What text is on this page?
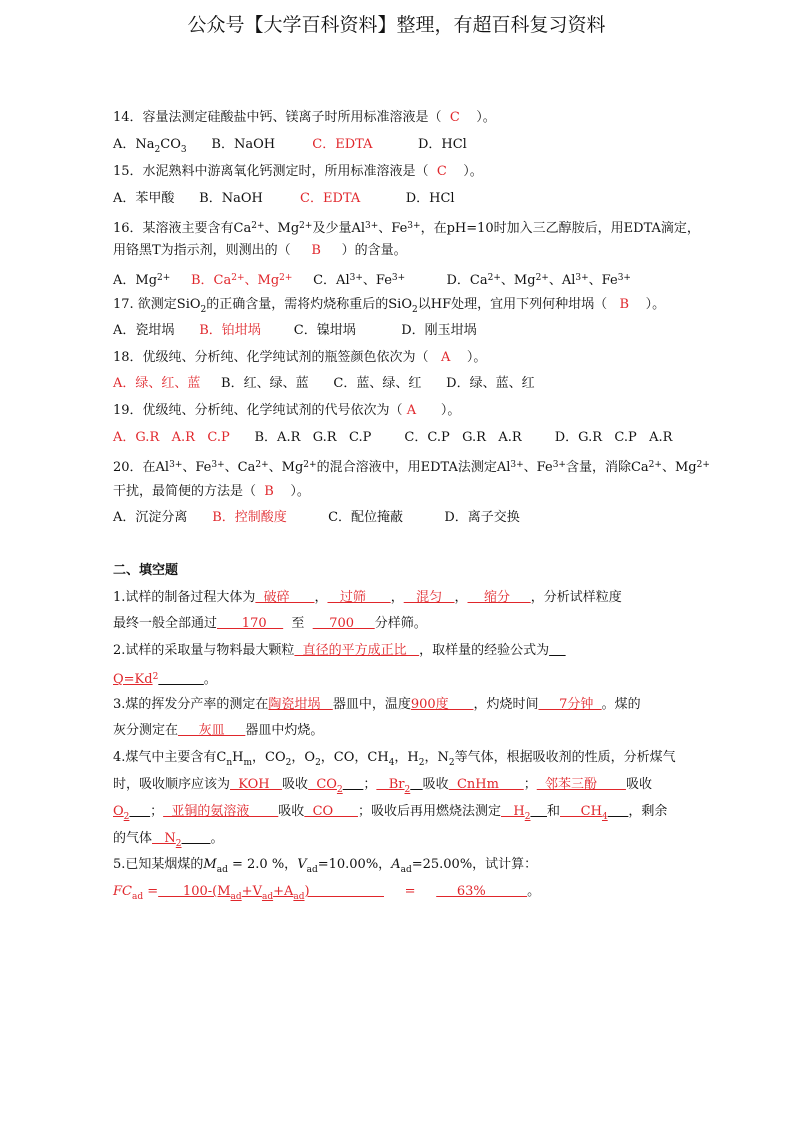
公众号【大学百科资料】整理，有超百科复习资料
14．容量法测定硅酸盐中钙、镁离子时所用标准溶液是（  C    ）。
A．$Na_2CO_3$      B．NaOH         C．EDTA           D．HCl
15．水泥熟料中游离氧化钙测定时，所用标准溶液是（  C    ）。
A．苯甲酸      B．NaOH         C．EDTA           D．HCl
16．某溶液主要含有$Ca^{2+}$、$Mg^{2+}$及少量$Al^{3+}$、$Fe^{3+}$，在pH=10时加入三乙醇胺后，用EDTA滴定，
用铬黑T为指示剂，则测出的（     B     ）的含量。
A．$Mg^{2+}$ B．$Ca^{2+}$、$Mg^{2+}$     C．$Al^{3+}$、$Fe^{3+}$          D．$Ca^{2+}$、$Mg^{2+}$、$Al^{3+}$、$Fe^{3+}$
17. 欲测定SiO$_2$的正确含量，需将灼烧称重后的SiO$_2$以HF处理，宜用下列何种坩埚（   B    ）。
A．瓷坩埚      B．铂坩埚        C．镍坩埚           D．刚玉坩埚
18．优级纯、分析纯、化学纯试剂的瓶签颜色依次为（   A    ）。
A．绿、红、蓝     B．红、绿、蓝      C．蓝、绿、红      D．绿、蓝、红
19．优级纯、分析纯、化学纯试剂的代号依次为（ A      ）。
A．G.R   A.R   C.P      B．A.R   G.R   C.P        C．C.P   G.R   A.R        D．G.R   C.P   A.R
20．在$Al^{3+}$、$Fe^{3+}$、$Ca^{2+}$、$Mg^{2+}$的混合溶液中，用EDTA法测定$Al^{3+}$、$Fe^{3+}$含量，消除$Ca^{2+}$、$Mg^{2+}$
干扰，最简便的方法是（  B    ）。
A．沉淀分离      B．控制酸度          C．配位掩蔽          D．离子交换
二、填空题
1.试样的制备过程大体为  破碎      ，   过筛      ，   混匀   ，    缩分     ，分析试样粒度
最终一般全部通过      170      至      700     分样筛。
2.试样的采取量与物料最大颗粒  直径的平方成正比   ，取样量的经验公式为
$Q=Kd^2$	。
3.煤的挥发分产率的测定在陶瓷坩埚   器皿中，温度900度      ，灼烧时间     7分钟  。煤的
灰分测定在     灰皿     器皿中灼烧。
4.煤气中主要含有$C_nH_m$，$CO_2$，$O_2$，CO，$CH_4$，$H_2$，$N_2$等气体，根据吸收剂的性质，分析煤气
时，吸收顺序应该为  KOH   吸收  $CO_2$ ；   $Br_2$ 吸收  CnHm      ；  邻苯三酚       吸收
$O_2$ ；  亚铜的氨溶液       吸收  CO      ；吸收后再用燃烧法测定   $H_2$ 和     $CH_4$ ，剩余
的气体   $N_2$ 。
5.已知某烟煤的$M_{ad} = 2.0$ %，$V_{ad}=10.00\%$，$A_{ad}=25.00\%$，试计算：
$FC_{ad}$ =      $100-(M_{ad}+V_{ad}+A_{ad})$                       =          63%          。
